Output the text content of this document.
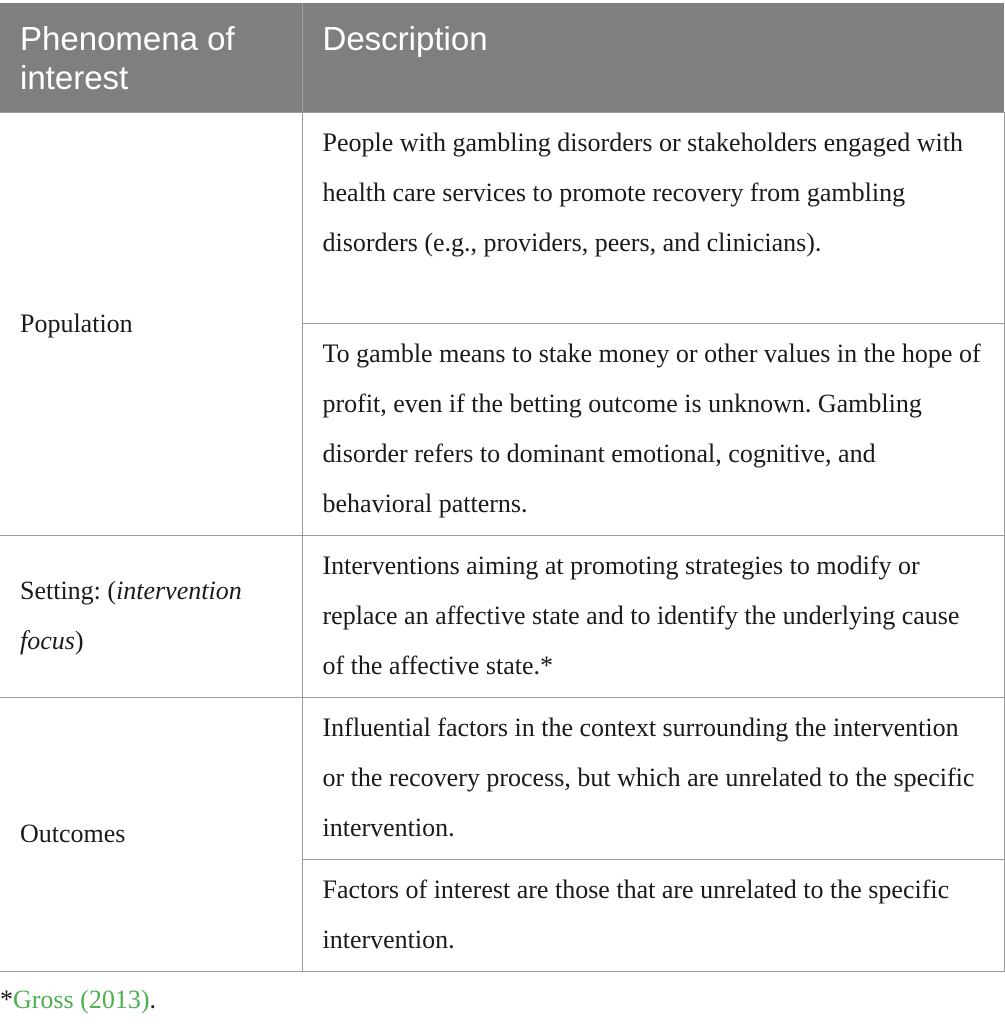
Phenomena of interest	Description
Population	People with gambling disorders or stakeholders engaged with health care services to promote recovery from gambling disorders (e.g., providers, peers, and clinicians).
	To gamble means to stake money or other values in the hope of profit, even if the betting outcome is unknown. Gambling disorder refers to dominant emotional, cognitive, and behavioral patterns.
Setting: (intervention focus)	Interventions aiming at promoting strategies to modify or replace an affective state and to identify the underlying cause of the affective state.*
Outcomes	Influential factors in the context surrounding the intervention or the recovery process, but which are unrelated to the specific intervention.
	Factors of interest are those that are unrelated to the specific intervention.
*Gross (2013).
